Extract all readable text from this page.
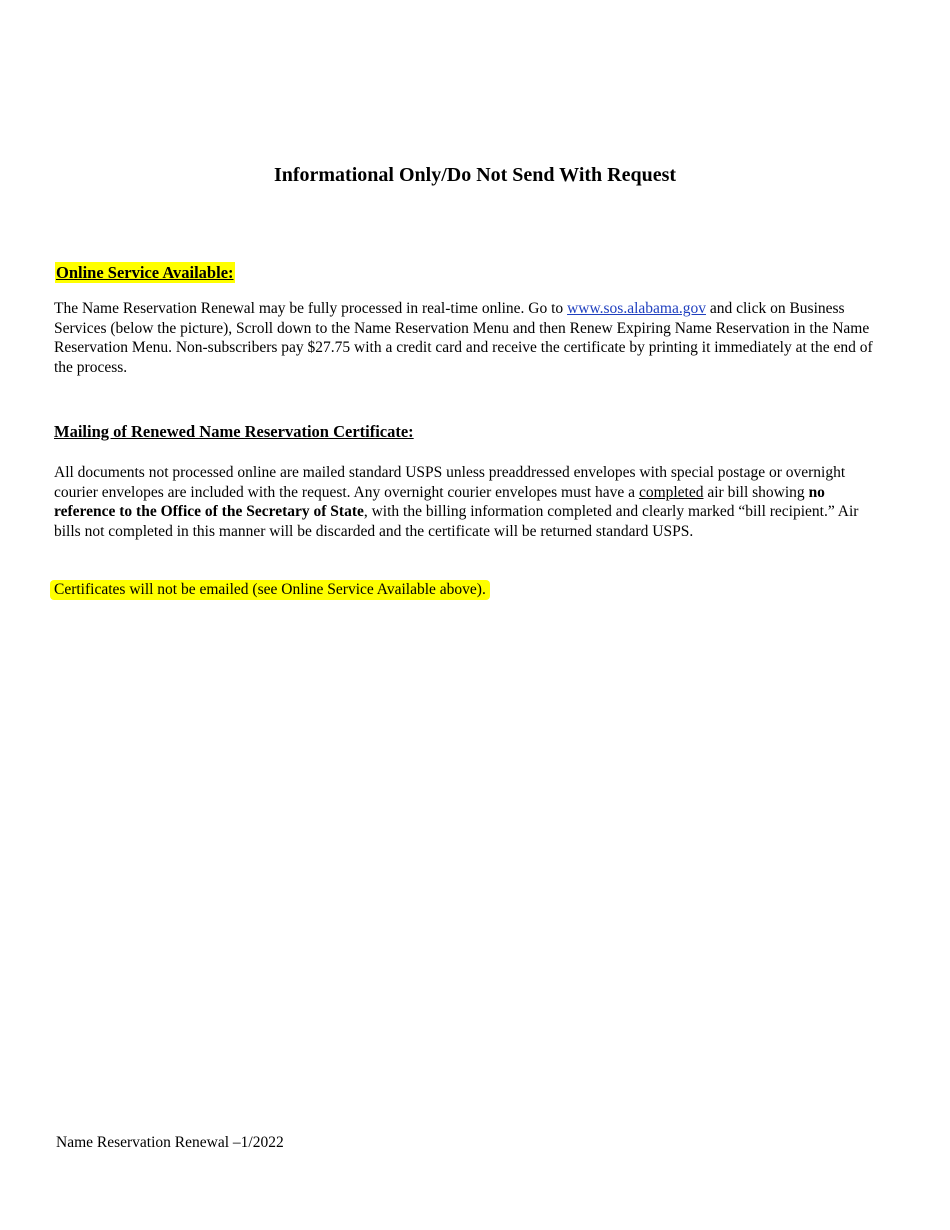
Informational Only/Do Not Send With Request
Online Service Available:
The Name Reservation Renewal may be fully processed in real-time online. Go to www.sos.alabama.gov and click on Business Services (below the picture), Scroll down to the Name Reservation Menu and then Renew Expiring Name Reservation in the Name Reservation Menu. Non-subscribers pay $27.75 with a credit card and receive the certificate by printing it immediately at the end of the process.
Mailing of Renewed Name Reservation Certificate:
All documents not processed online are mailed standard USPS unless preaddressed envelopes with special postage or overnight courier envelopes are included with the request. Any overnight courier envelopes must have a completed air bill showing no reference to the Office of the Secretary of State, with the billing information completed and clearly marked “bill recipient.” Air bills not completed in this manner will be discarded and the certificate will be returned standard USPS.
Certificates will not be emailed (see Online Service Available above).
Name Reservation Renewal –1/2022
